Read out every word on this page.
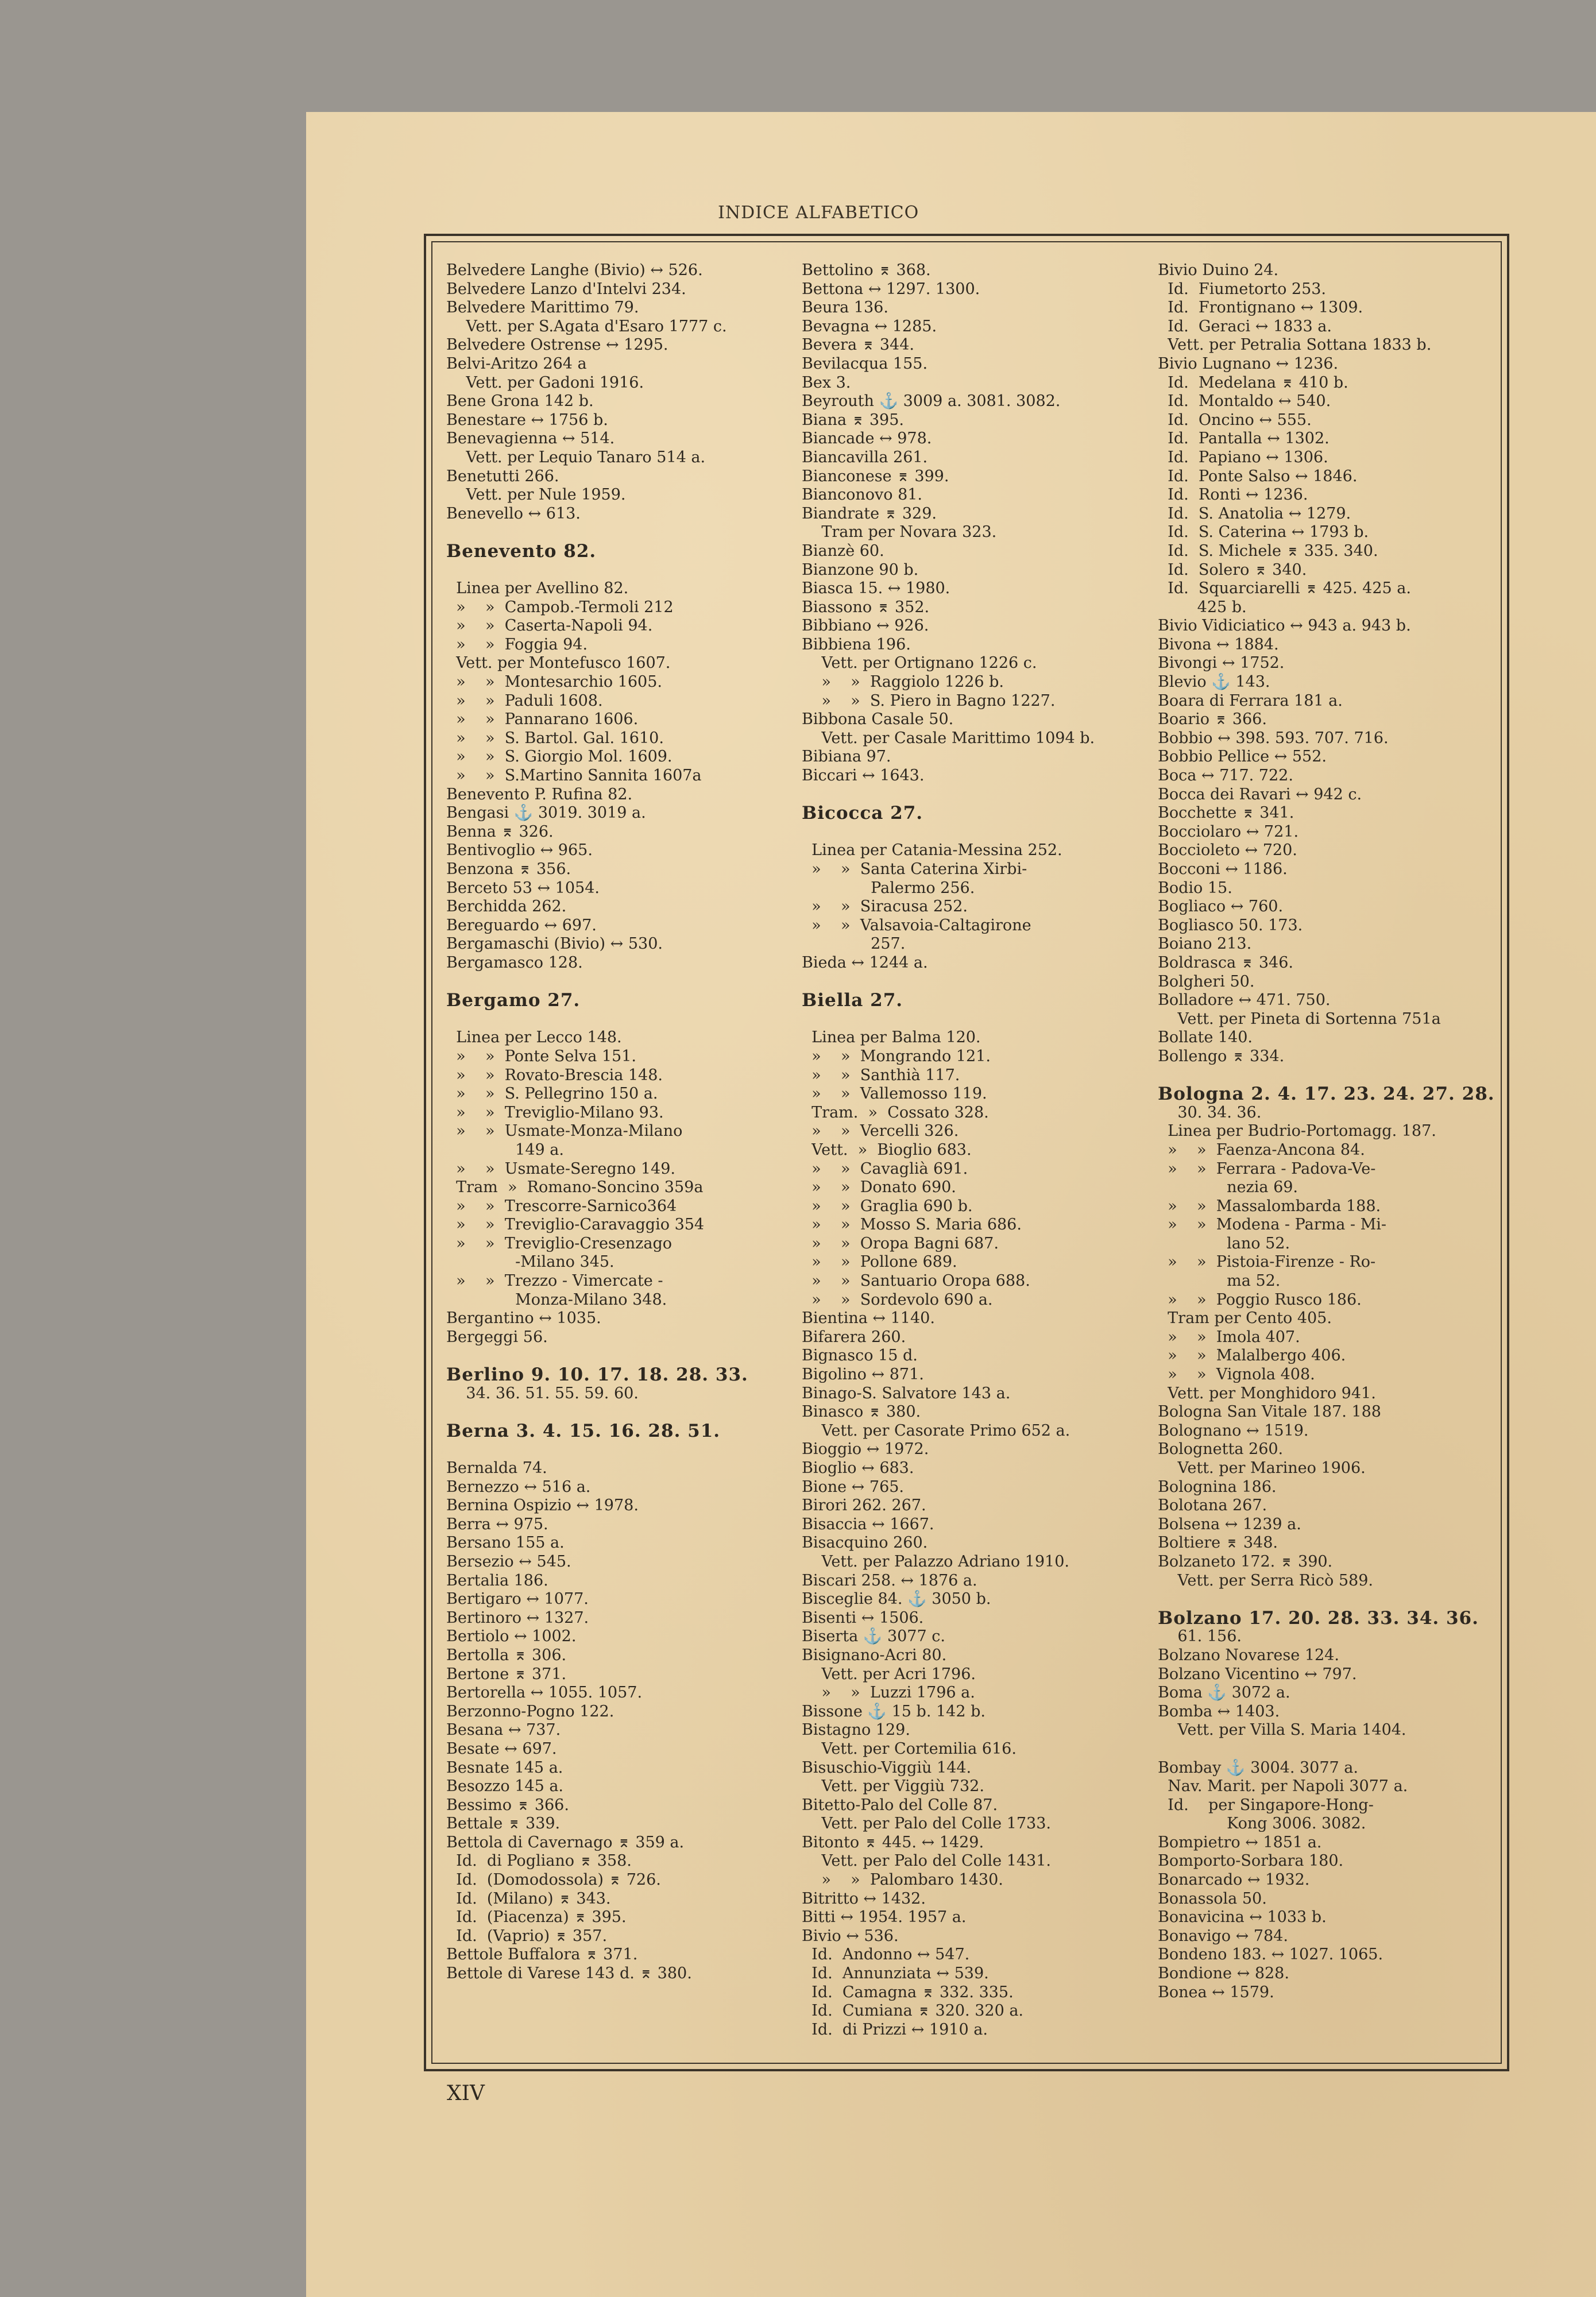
INDICE ALFABETICO
Belvedere Langhe (Bivio) ↔ 526.
Belvedere Lanzo d'Intelvi 234.
Belvedere Marittimo 79.
Vett. per S.Agata d'Esaro 1777 c.
Belvedere Ostrense ↔ 1295.
Belvi-Aritzo 264 a
Vett. per Gadoni 1916.
Bene Grona 142 b.
Benestare ↔ 1756 b.
Benevagienna ↔ 514.
Vett. per Lequio Tanaro 514 a.
Benetutti 266.
Vett. per Nule 1959.
Benevello ↔ 613.
Benevento 82.
Linea per Avellino 82.
»    »  Campob.-Termoli 212
»    »  Caserta-Napoli 94.
»    »  Foggia 94.
Vett. per Montefusco 1607.
»    »  Montesarchio 1605.
»    »  Paduli 1608.
»    »  Pannarano 1606.
»    »  S. Bartol. Gal. 1610.
»    »  S. Giorgio Mol. 1609.
»    »  S.Martino Sannita 1607a
Benevento P. Rufina 82.
Bengasi ⚓ 3019. 3019 a.
Benna ⌆ 326.
Bentivoglio ↔ 965.
Benzona ⌆ 356.
Berceto 53 ↔ 1054.
Berchidda 262.
Bereguardo ↔ 697.
Bergamaschi (Bivio) ↔ 530.
Bergamasco 128.
Bergamo 27.
Linea per Lecco 148.
»    »  Ponte Selva 151.
»    »  Rovato-Brescia 148.
»    »  S. Pellegrino 150 a.
»    »  Treviglio-Milano 93.
»    »  Usmate-Monza-Milano
149 a.
»    »  Usmate-Seregno 149.
Tram  »  Romano-Soncino 359a
»    »  Trescorre-Sarnico364
»    »  Treviglio-Caravaggio 354
»    »  Treviglio-Cresenzago
-Milano 345.
»    »  Trezzo - Vimercate -
Monza-Milano 348.
Bergantino ↔ 1035.
Bergeggi 56.
Berlino 9. 10. 17. 18. 28. 33.
34. 36. 51. 55. 59. 60.
Berna 3. 4. 15. 16. 28. 51.
Bernalda 74.
Bernezzo ↔ 516 a.
Bernina Ospizio ↔ 1978.
Berra ↔ 975.
Bersano 155 a.
Bersezio ↔ 545.
Bertalia 186.
Bertigaro ↔ 1077.
Bertinoro ↔ 1327.
Bertiolo ↔ 1002.
Bertolla ⌆ 306.
Bertone ⌆ 371.
Bertorella ↔ 1055. 1057.
Berzonno-Pogno 122.
Besana ↔ 737.
Besate ↔ 697.
Besnate 145 a.
Besozzo 145 a.
Bessimo ⌆ 366.
Bettale ⌆ 339.
Bettola di Cavernago ⌆ 359 a.
Id.  di Pogliano ⌆ 358.
Id.  (Domodossola) ⌆ 726.
Id.  (Milano) ⌆ 343.
Id.  (Piacenza) ⌆ 395.
Id.  (Vaprio) ⌆ 357.
Bettole Buffalora ⌆ 371.
Bettole di Varese 143 d. ⌆ 380.
Bettolino ⌆ 368.
Bettona ↔ 1297. 1300.
Beura 136.
Bevagna ↔ 1285.
Bevera ⌆ 344.
Bevilacqua 155.
Bex 3.
Beyrouth ⚓ 3009 a. 3081. 3082.
Biana ⌆ 395.
Biancade ↔ 978.
Biancavilla 261.
Bianconese ⌆ 399.
Bianconovo 81.
Biandrate ⌆ 329.
Tram per Novara 323.
Bianzè 60.
Bianzone 90 b.
Biasca 15. ↔ 1980.
Biassono ⌆ 352.
Bibbiano ↔ 926.
Bibbiena 196.
Vett. per Ortignano 1226 c.
»    »  Raggiolo 1226 b.
»    »  S. Piero in Bagno 1227.
Bibbona Casale 50.
Vett. per Casale Marittimo 1094 b.
Bibiana 97.
Biccari ↔ 1643.
Bicocca 27.
Linea per Catania-Messina 252.
»    »  Santa Caterina Xirbi-
Palermo 256.
»    »  Siracusa 252.
»    »  Valsavoia-Caltagirone
257.
Bieda ↔ 1244 a.
Biella 27.
Linea per Balma 120.
»    »  Mongrando 121.
»    »  Santhià 117.
»    »  Vallemosso 119.
Tram.  »  Cossato 328.
»    »  Vercelli 326.
Vett.  »  Bioglio 683.
»    »  Cavaglià 691.
»    »  Donato 690.
»    »  Graglia 690 b.
»    »  Mosso S. Maria 686.
»    »  Oropa Bagni 687.
»    »  Pollone 689.
»    »  Santuario Oropa 688.
»    »  Sordevolo 690 a.
Bientina ↔ 1140.
Bifarera 260.
Bignasco 15 d.
Bigolino ↔ 871.
Binago-S. Salvatore 143 a.
Binasco ⌆ 380.
Vett. per Casorate Primo 652 a.
Bioggio ↔ 1972.
Bioglio ↔ 683.
Bione ↔ 765.
Birori 262. 267.
Bisaccia ↔ 1667.
Bisacquino 260.
Vett. per Palazzo Adriano 1910.
Biscari 258. ↔ 1876 a.
Bisceglie 84. ⚓ 3050 b.
Bisenti ↔ 1506.
Biserta ⚓ 3077 c.
Bisignano-Acri 80.
Vett. per Acri 1796.
»    »  Luzzi 1796 a.
Bissone ⚓ 15 b. 142 b.
Bistagno 129.
Vett. per Cortemilia 616.
Bisuschio-Viggiù 144.
Vett. per Viggiù 732.
Bitetto-Palo del Colle 87.
Vett. per Palo del Colle 1733.
Bitonto ⌆ 445. ↔ 1429.
Vett. per Palo del Colle 1431.
»    »  Palombaro 1430.
Bitritto ↔ 1432.
Bitti ↔ 1954. 1957 a.
Bivio ↔ 536.
Id.  Andonno ↔ 547.
Id.  Annunziata ↔ 539.
Id.  Camagna ⌆ 332. 335.
Id.  Cumiana ⌆ 320. 320 a.
Id.  di Prizzi ↔ 1910 a.
Bivio Duino 24.
Id.  Fiumetorto 253.
Id.  Frontignano ↔ 1309.
Id.  Geraci ↔ 1833 a.
Vett. per Petralia Sottana 1833 b.
Bivio Lugnano ↔ 1236.
Id.  Medelana ⌆ 410 b.
Id.  Montaldo ↔ 540.
Id.  Oncino ↔ 555.
Id.  Pantalla ↔ 1302.
Id.  Papiano ↔ 1306.
Id.  Ponte Salso ↔ 1846.
Id.  Ronti ↔ 1236.
Id.  S. Anatolia ↔ 1279.
Id.  S. Caterina ↔ 1793 b.
Id.  S. Michele ⌆ 335. 340.
Id.  Solero ⌆ 340.
Id.  Squarciarelli ⌆ 425. 425 a.
425 b.
Bivio Vidiciatico ↔ 943 a. 943 b.
Bivona ↔ 1884.
Bivongi ↔ 1752.
Blevio ⚓ 143.
Boara di Ferrara 181 a.
Boario ⌆ 366.
Bobbio ↔ 398. 593. 707. 716.
Bobbio Pellice ↔ 552.
Boca ↔ 717. 722.
Bocca dei Ravari ↔ 942 c.
Bocchette ⌆ 341.
Bocciolaro ↔ 721.
Boccioleto ↔ 720.
Bocconi ↔ 1186.
Bodio 15.
Bogliaco ↔ 760.
Bogliasco 50. 173.
Boiano 213.
Boldrasca ⌆ 346.
Bolgheri 50.
Bolladore ↔ 471. 750.
Vett. per Pineta di Sortenna 751a
Bollate 140.
Bollengo ⌆ 334.
Bologna 2. 4. 17. 23. 24. 27. 28.
30. 34. 36.
Linea per Budrio-Portomagg. 187.
»    »  Faenza-Ancona 84.
»    »  Ferrara - Padova-Ve-
nezia 69.
»    »  Massalombarda 188.
»    »  Modena - Parma - Mi-
lano 52.
»    »  Pistoia-Firenze - Ro-
ma 52.
»    »  Poggio Rusco 186.
Tram per Cento 405.
»    »  Imola 407.
»    »  Malalbergo 406.
»    »  Vignola 408.
Vett. per Monghidoro 941.
Bologna San Vitale 187. 188
Bolognano ↔ 1519.
Bolognetta 260.
Vett. per Marineo 1906.
Bolognina 186.
Bolotana 267.
Bolsena ↔ 1239 a.
Boltiere ⌆ 348.
Bolzaneto 172. ⌆ 390.
Vett. per Serra Ricò 589.
Bolzano 17. 20. 28. 33. 34. 36.
61. 156.
Bolzano Novarese 124.
Bolzano Vicentino ↔ 797.
Boma ⚓ 3072 a.
Bomba ↔ 1403.
Vett. per Villa S. Maria 1404.
Bombay ⚓ 3004. 3077 a.
Nav. Marit. per Napoli 3077 a.
Id.    per Singapore-Hong-
Kong 3006. 3082.
Bompietro ↔ 1851 a.
Bomporto-Sorbara 180.
Bonarcado ↔ 1932.
Bonassola 50.
Bonavicina ↔ 1033 b.
Bonavigo ↔ 784.
Bondeno 183. ↔ 1027. 1065.
Bondione ↔ 828.
Bonea ↔ 1579.
XIV
